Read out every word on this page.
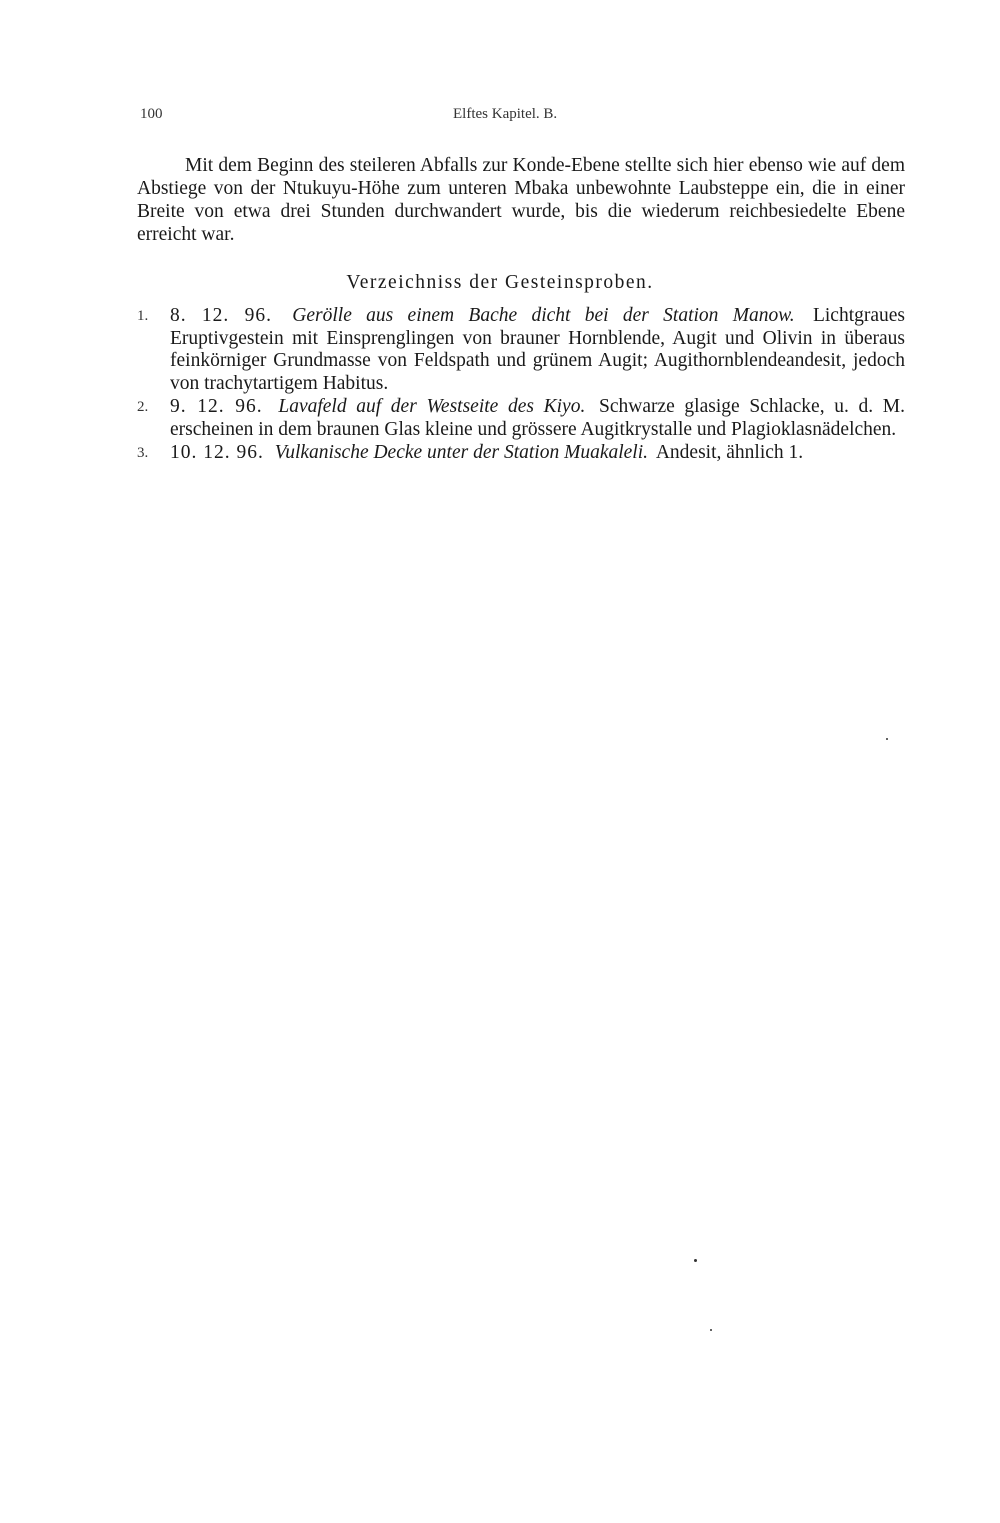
100	Elftes Kapitel. B.

Mit dem Beginn des steileren Abfalls zur Konde-Ebene stellte sich hier ebenso wie auf dem Abstiege von der Ntukuyu-Höhe zum unteren Mbaka unbewohnte Laubsteppe ein, die in einer Breite von etwa drei Stunden durchwandert wurde, bis die wiederum reichbesiedelte Ebene erreicht war.

Verzeichniss der Gesteinsproben.
1. 8. 12. 96. Gerölle aus einem Bache dicht bei der Station Manow. Lichtgraues Eruptivgestein mit Einsprenglingen von brauner Hornblende, Augit und Olivin in überaus feinkörniger Grundmasse von Feldspath und grünem Augit; Augithornblendeandesit, jedoch von trachytartigem Habitus.
2. 9. 12. 96. Lavafeld auf der Westseite des Kiyo. Schwarze glasige Schlacke, u. d. M. erscheinen in dem braunen Glas kleine und grössere Augitkrystalle und Plagioklasnädelchen.
3. 10. 12. 96. Vulkanische Decke unter der Station Muakaleli. Andesit, ähnlich 1.
